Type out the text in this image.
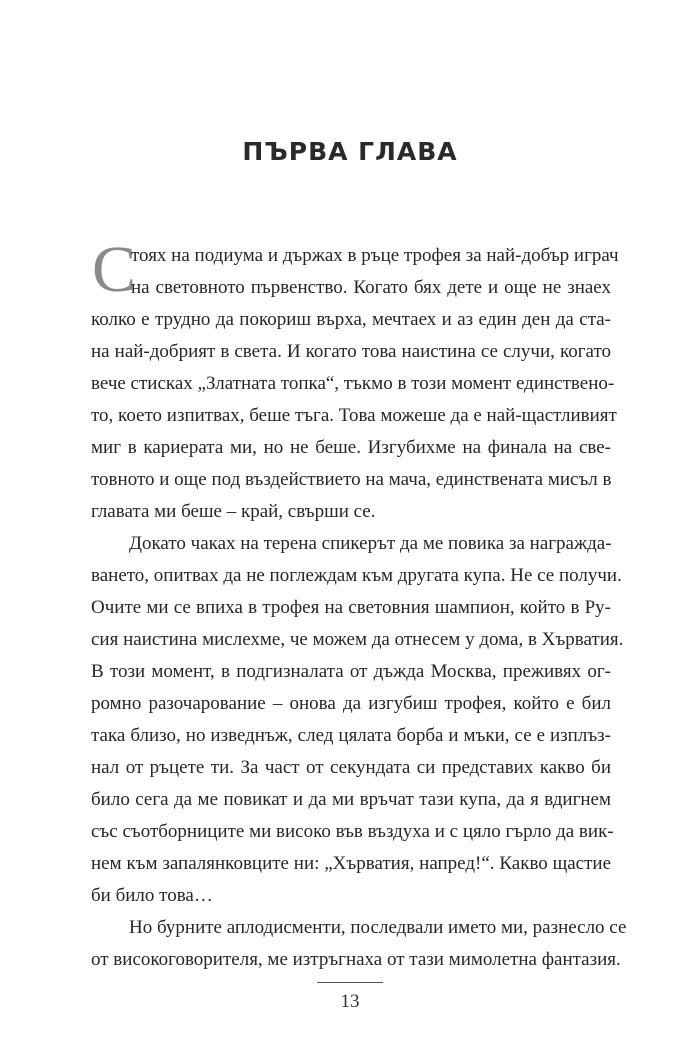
ПЪРВА ГЛАВА
С
тоях на подиума и държах в ръце трофея за най-добър играч
на световното първенство. Когато бях дете и още не знаех
колко е трудно да покориш върха, мечтаех и аз един ден да ста-
на най-добрият в света. И когато това наистина се случи, когато
вече стисках „Златната топка“, тъкмо в този момент единствено-
то, което изпитвах, беше тъга. Това можеше да е най-щастливият
миг в кариерата ми, но не беше. Изгубихме на финала на све-
товното и още под въздействието на мача, единствената мисъл в
главата ми беше – край, свърши се.
Докато чаках на терена спикерът да ме повика за награжда-
ването, опитвах да не поглеждам към другата купа. Не се получи.
Очите ми се впиха в трофея на световния шампион, който в Ру-
сия наистина мислехме, че можем да отнесем у дома, в Хърватия.
В този момент, в подгизналата от дъжда Москва, преживях ог-
ромно разочарование – онова да изгубиш трофея, който е бил
така близо, но изведнъж, след цялата борба и мъки, се е изплъз-
нал от ръцете ти. За част от секундата си представих какво би
било сега да ме повикат и да ми връчат тази купа, да я вдигнем
със съотборниците ми високо във въздуха и с цяло гърло да вик-
нем към запалянковците ни: „Хърватия, напред!“. Какво щастие
би било това…
Но бурните аплодисменти, последвали името ми, разнесло се
от високоговорителя, ме изтръгнаха от тази мимолетна фантазия.
13
